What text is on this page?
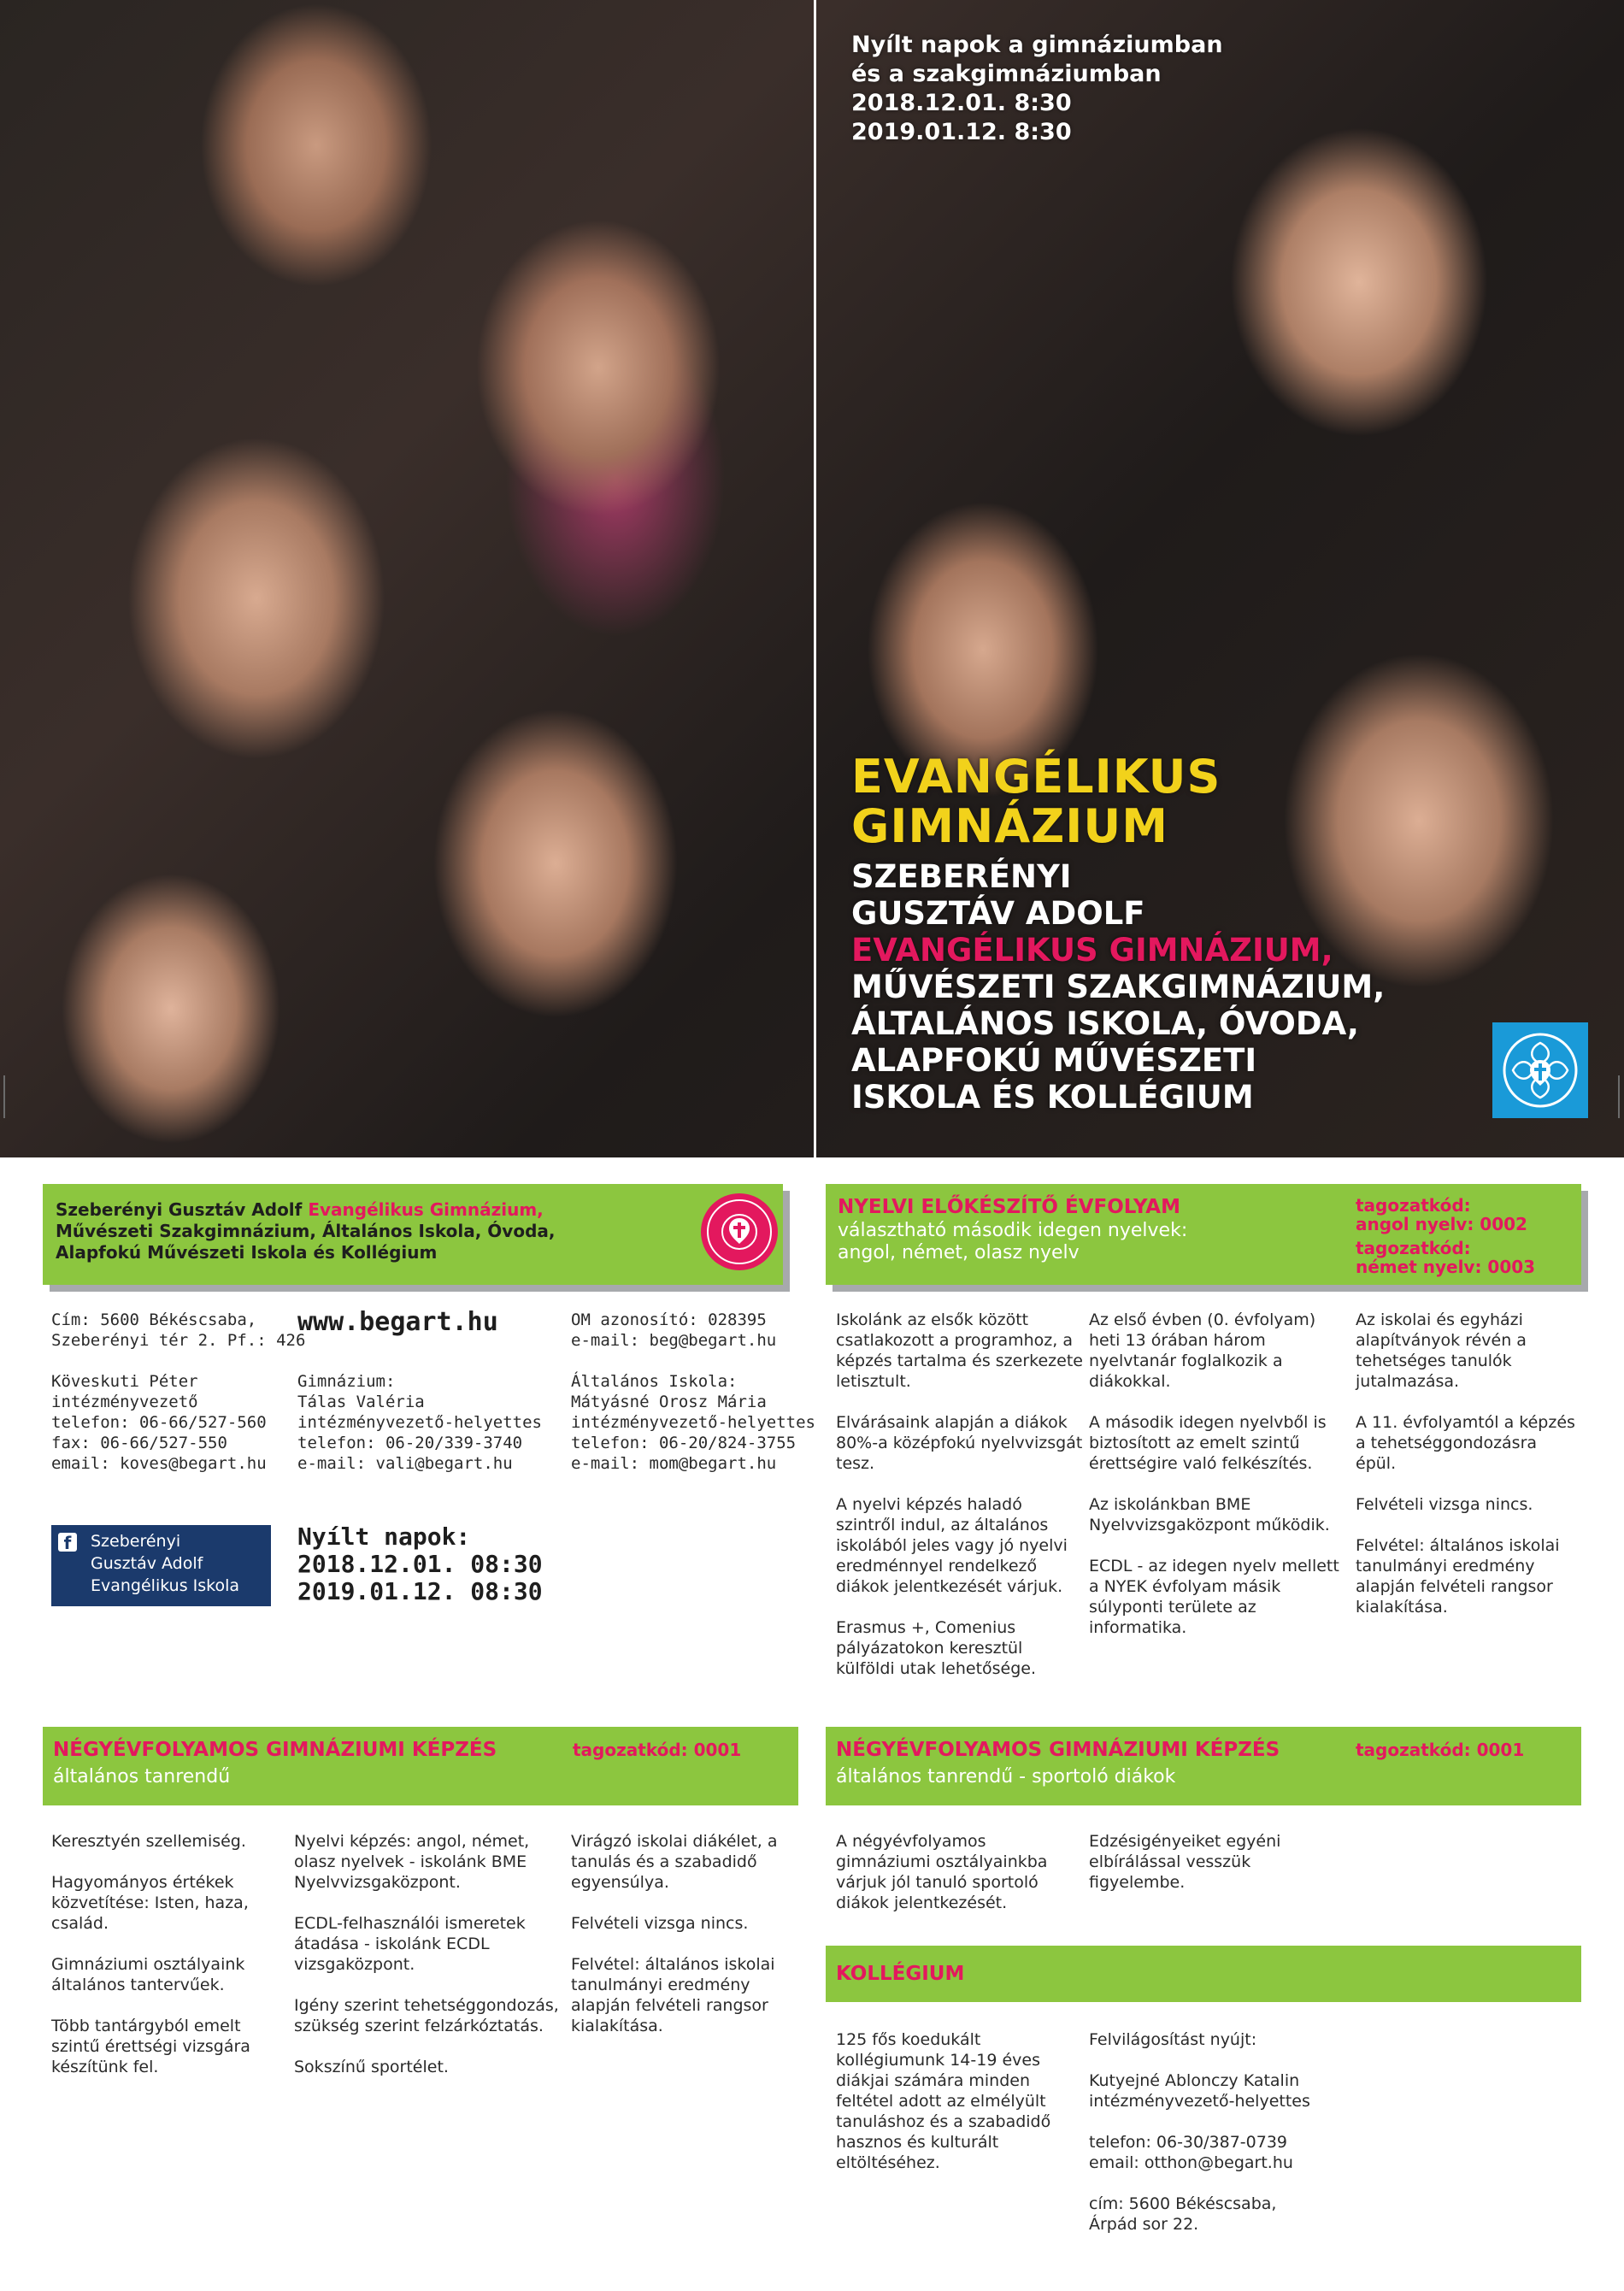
Nyílt napok a gimnáziumban
és a szakgimnáziumban
2018.12.01. 8:30
2019.01.12. 8:30
EVANGÉLIKUS
GIMNÁZIUM
SZEBERÉNYI
GUSZTÁV ADOLF
EVANGÉLIKUS GIMNÁZIUM,
MŰVÉSZETI SZAKGIMNÁZIUM,
ÁLTALÁNOS ISKOLA, ÓVODA,
ALAPFOKÚ MŰVÉSZETI
ISKOLA ÉS KOLLÉGIUM
Szeberényi Gusztáv Adolf Evangélikus Gimnázium,
Művészeti Szakgimnázium, Általános Iskola, Óvoda,
Alapfokú Művészeti Iskola és Kollégium
NYELVI ELŐKÉSZÍTŐ ÉVFOLYAM
választható második idegen nyelvek:
angol, német, olasz nyelv
tagozatkód:
angol nyelv: 0002
tagozatkód:
német nyelv: 0003
Cím: 5600 Békéscsaba,
Szeberényi tér 2. Pf.: 426
Köveskuti Péter
intézményvezető
telefon: 06-66/527-560
fax: 06-66/527-550
email: koves@begart.hu
www.begart.hu
Gimnázium:
Tálas Valéria
intézményvezető-helyettes
telefon: 06-20/339-3740
e-mail: vali@begart.hu
OM azonosító: 028395
e-mail: beg@begart.hu
Általános Iskola:
Mátyásné Orosz Mária
intézményvezető-helyettes
telefon: 06-20/824-3755
e-mail: mom@begart.hu
f	Szeberényi
Gusztáv Adolf
Evangélikus Iskola
Nyílt napok:
2018.12.01. 08:30
2019.01.12. 08:30

Iskolánk az elsők között csatlakozott a programhoz, a képzés tartalma és szerkezete letisztult.

Elvárásaink alapján a diákok 80%-a középfokú nyelvvizsgát tesz.

A nyelvi képzés haladó szintről indul, az általános iskolából jeles vagy jó nyelvi eredménnyel rendelkező diákok jelentkezését várjuk.

Erasmus +, Comenius pályázatokon keresztül külföldi utak lehetősége.

Az első évben (0. évfolyam) heti 13 órában három nyelvtanár foglalkozik a diákokkal.

A második idegen nyelvből is biztosított az emelt szintű érettségire való felkészítés.

Az iskolánkban BME Nyelvvizsgaközpont működik.

ECDL - az idegen nyelv mellett a NYEK évfolyam másik súlyponti területe az informatika.

Az iskolai és egyházi alapítványok révén a tehetséges tanulók jutalmazása.

A 11. évfolyamtól a képzés a tehetséggondozásra épül.

Felvételi vizsga nincs.

Felvétel: általános iskolai tanulmányi eredmény alapján felvételi rangsor kialakítása.

NÉGYÉVFOLYAMOS GIMNÁZIUMI KÉPZÉS	tagozatkód: 0001
általános tanrendű

Keresztyén szellemiség.

Hagyományos értékek közvetítése: Isten, haza, család.

Gimnáziumi osztályaink általános tantervűek.

Több tantárgyból emelt szintű érettségi vizsgára készítünk fel.

Nyelvi képzés: angol, német, olasz nyelvek - iskolánk BME Nyelvvizsgaközpont.

ECDL-felhasználói ismeretek átadása - iskolánk ECDL vizsgaközpont.

Igény szerint tehetséggondozás, szükség szerint felzárkóztatás.

Sokszínű sportélet.

Virágzó iskolai diákélet, a tanulás és a szabadidő egyensúlya.

Felvételi vizsga nincs.

Felvétel: általános iskolai tanulmányi eredmény alapján felvételi rangsor kialakítása.

NÉGYÉVFOLYAMOS GIMNÁZIUMI KÉPZÉS	tagozatkód: 0001
általános tanrendű - sportoló diákok
A négyévfolyamos gimnáziumi osztályainkba várjuk jól tanuló sportoló diákok jelentkezését.
Edzésigényeiket egyéni elbírálással vesszük figyelembe.
KOLLÉGIUM
125 fős koedukált kollégiumunk 14-19 éves diákjai számára minden feltétel adott az elmélyült tanuláshoz és a szabadidő hasznos és kulturált eltöltéséhez.
Felvilágosítást nyújt:
Kutyejné Ablonczy Katalin
intézményvezető-helyettes
telefon: 06-30/387-0739
email: otthon@begart.hu
cím: 5600 Békéscsaba,
Árpád sor 22.
